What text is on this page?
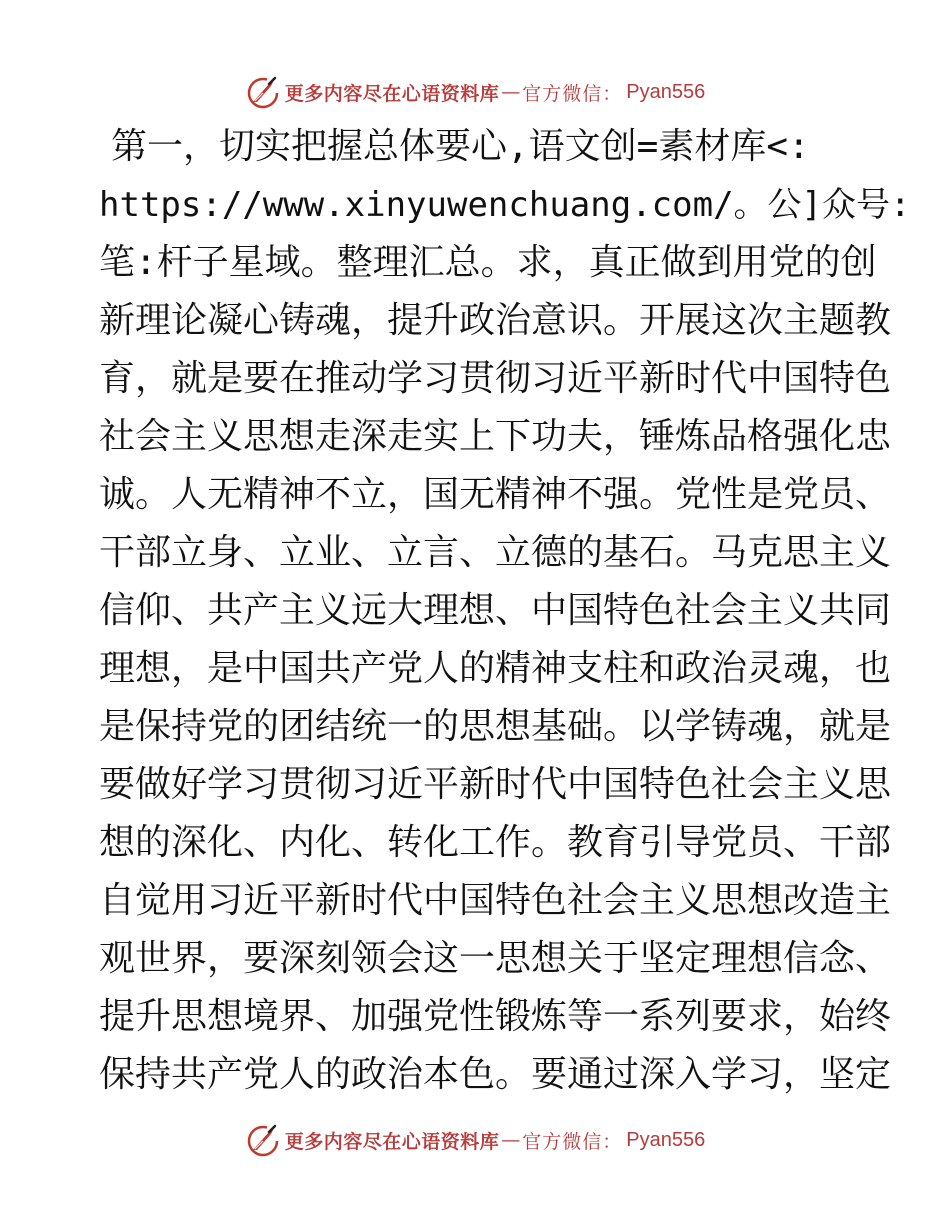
更多内容尽在心语资料库 — 官方微信： Pyan556
第一，切实把握总体要心,语文创=素材库<:
https://www.xinyuwenchuang.com/。公]众号:
笔:杆子星域。整理汇总。求，真正做到用党的创
新理论凝心铸魂，提升政治意识。开展这次主题教
育，就是要在推动学习贯彻习近平新时代中国特色
社会主义思想走深走实上下功夫，锤炼品格强化忠
诚。人无精神不立，国无精神不强。党性是党员、
干部立身、立业、立言、立德的基石。马克思主义
信仰、共产主义远大理想、中国特色社会主义共同
理想，是中国共产党人的精神支柱和政治灵魂，也
是保持党的团结统一的思想基础。以学铸魂，就是
要做好学习贯彻习近平新时代中国特色社会主义思
想的深化、内化、转化工作。教育引导党员、干部
自觉用习近平新时代中国特色社会主义思想改造主
观世界，要深刻领会这一思想关于坚定理想信念、
提升思想境界、加强党性锻炼等一系列要求，始终
保持共产党人的政治本色。要通过深入学习，坚定
更多内容尽在心语资料库 — 官方微信： Pyan556
